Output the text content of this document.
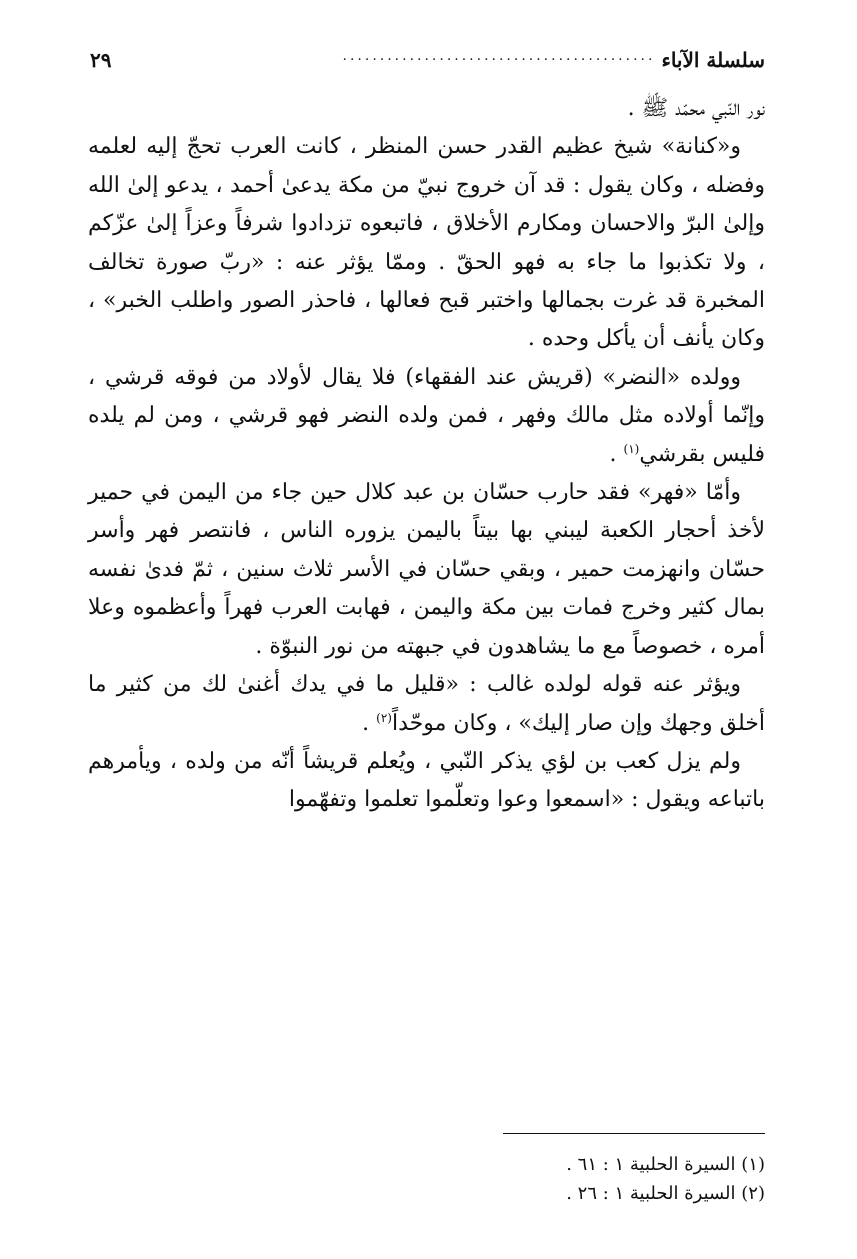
سلسلة الآباء
..........................................
٢٩

نور النّبي محمّد ﷺ .

و«كنانة» شيخ عظيم القدر حسن المنظر ، كانت العرب تحجّ إليه لعلمه وفضله ، وكان يقول : قد آن خروج نبيّ من مكة يدعىٰ أحمد ، يدعو إلىٰ الله وإلىٰ البرّ والاحسان ومكارم الأخلاق ، فاتبعوه تزدادوا شرفاً وعزاً إلىٰ عزّكم ، ولا تكذبوا ما جاء به فهو الحقّ . وممّا يؤثر عنه : «ربّ صورة تخالف المخبرة قد غرت بجمالها واختبر قبح فعالها ، فاحذر الصور واطلب الخبر» ، وكان يأنف أن يأكل وحده .

وولده «النضر» (قريش عند الفقهاء) فلا يقال لأولاد من فوقه قرشي ، وإنّما أولاده مثل مالك وفهر ، فمن ولده النضر فهو قرشي ، ومن لم يلده فليس بقرشي$^{(١)}$ .

وأمّا «فهر» فقد حارب حسّان بن عبد كلال حين جاء من اليمن في حمير لأخذ أحجار الكعبة ليبني بها بيتاً باليمن يزوره الناس ، فانتصر فهر وأسر حسّان وانهزمت حمير ، وبقي حسّان في الأسر ثلاث سنين ، ثمّ فدىٰ نفسه بمال كثير وخرج فمات بين مكة واليمن ، فهابت العرب فهراً وأعظموه وعلا أمره ، خصوصاً مع ما يشاهدون في جبهته من نور النبوّة .

ويؤثر عنه قوله لولده غالب : «قليل ما في يدك أغنىٰ لك من كثير ما أخلق وجهك وإن صار إليك» ، وكان موحّداً$^{(٢)}$ .

ولم يزل كعب بن لؤي يذكر النّبي ، ويُعلم قريشاً أنّه من ولده ، ويأمرهم باتباعه ويقول : «اسمعوا وعوا وتعلّموا تعلموا وتفهّموا

(١) السيرة الحلبية ١ : ٦١ .

(٢) السيرة الحلبية ١ : ٢٦ .
